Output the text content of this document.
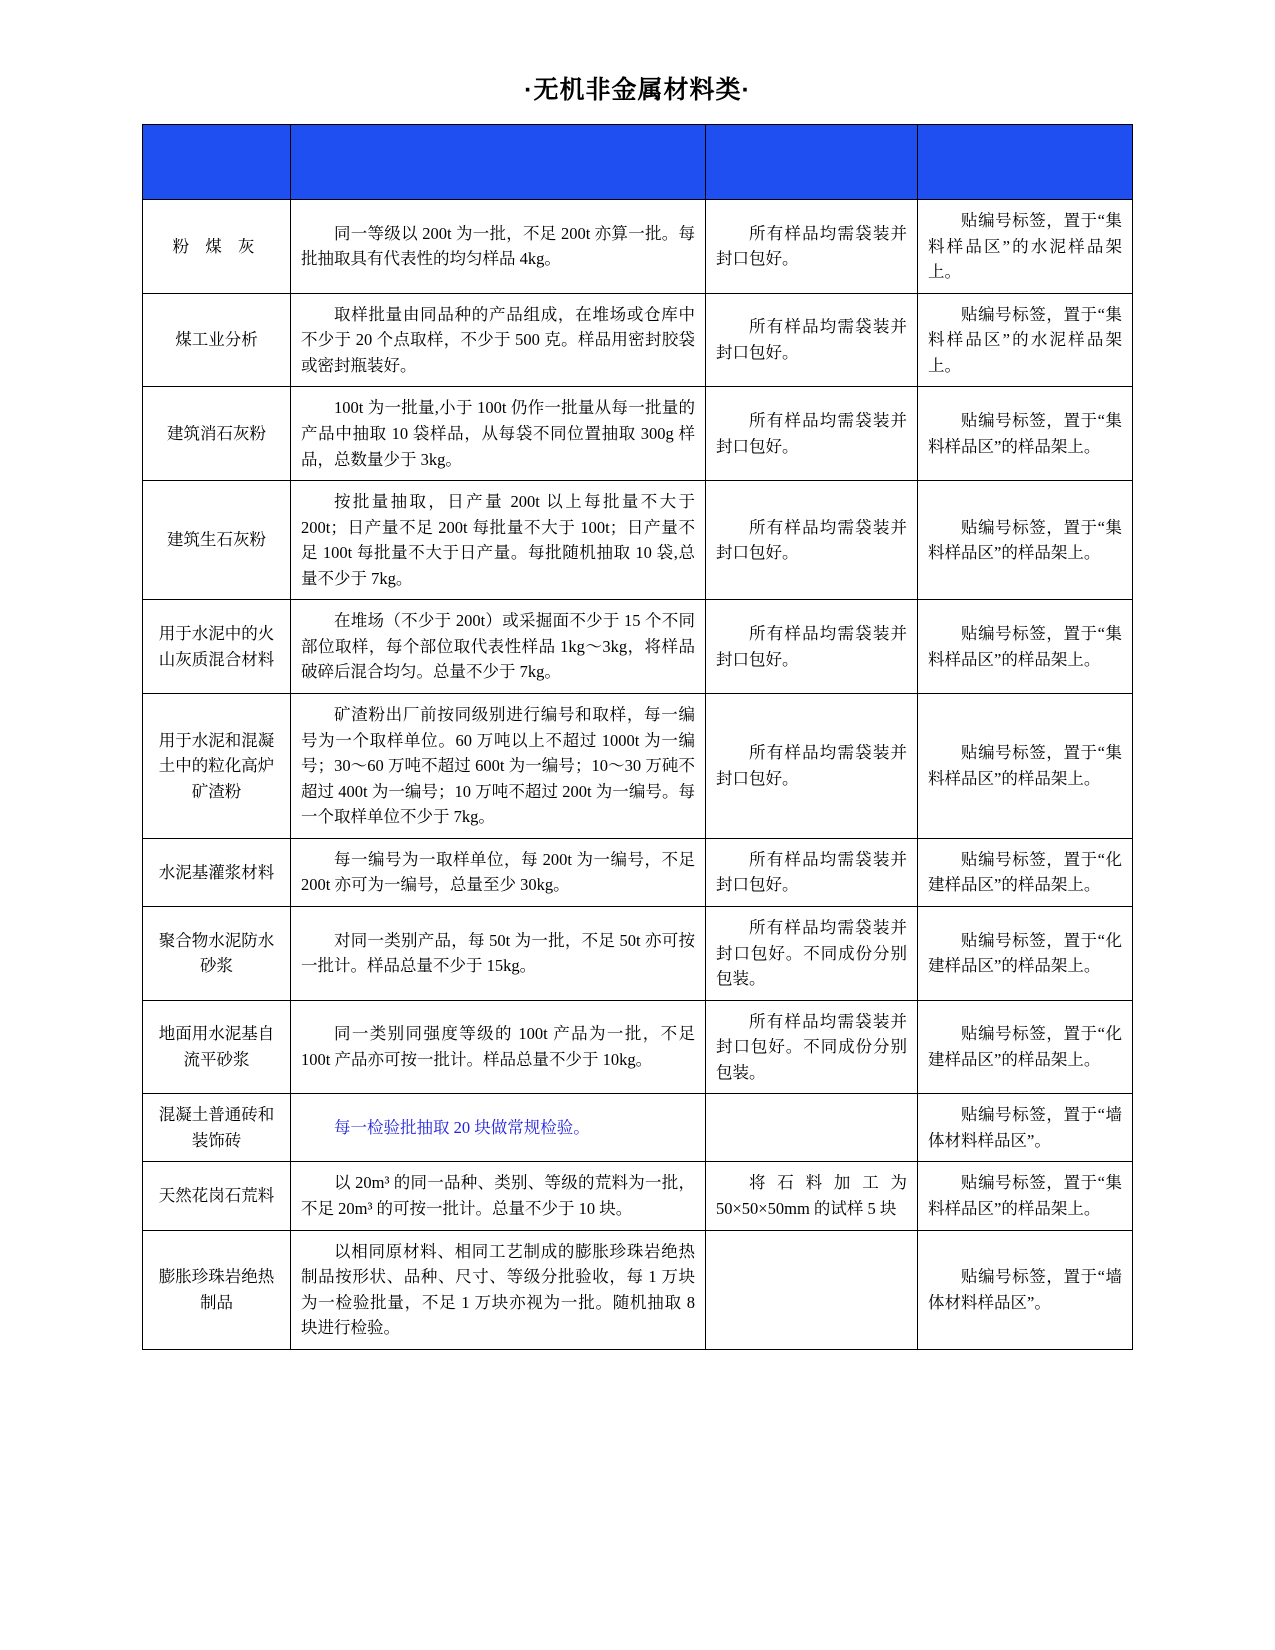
·无机非金属材料类·

粉 煤 灰	同一等级以 200t 为一批，不足 200t 亦算一批。每批抽取具有代表性的均匀样品 4kg。	所有样品均需袋装并封口包好。	贴编号标签，置于“集料样品区”的水泥样品架上。
煤工业分析	取样批量由同品种的产品组成，在堆场或仓库中不少于 20 个点取样，不少于 500 克。样品用密封胶袋或密封瓶装好。	所有样品均需袋装并封口包好。	贴编号标签，置于“集料样品区”的水泥样品架上。
建筑消石灰粉	100t 为一批量,小于 100t 仍作一批量从每一批量的产品中抽取 10 袋样品，从每袋不同位置抽取 300g 样品，总数量少于 3kg。	所有样品均需袋装并封口包好。	贴编号标签，置于“集料样品区”的样品架上。
建筑生石灰粉	按批量抽取，日产量 200t 以上每批量不大于 200t；日产量不足 200t 每批量不大于 100t；日产量不足 100t 每批量不大于日产量。每批随机抽取 10 袋,总量不少于 7kg。	所有样品均需袋装并封口包好。	贴编号标签，置于“集料样品区”的样品架上。
用于水泥中的火山灰质混合材料	在堆场（不少于 200t）或采掘面不少于 15 个不同部位取样，每个部位取代表性样品 1kg～3kg，将样品破碎后混合均匀。总量不少于 7kg。	所有样品均需袋装并封口包好。	贴编号标签，置于“集料样品区”的样品架上。
用于水泥和混凝土中的粒化高炉矿渣粉	矿渣粉出厂前按同级别进行编号和取样，每一编号为一个取样单位。60 万吨以上不超过 1000t 为一编号；30～60 万吨不超过 600t 为一编号；10～30 万砘不超过 400t 为一编号；10 万吨不超过 200t 为一编号。每一个取样单位不少于 7kg。	所有样品均需袋装并封口包好。	贴编号标签，置于“集料样品区”的样品架上。
水泥基灌浆材料	每一编号为一取样单位，每 200t 为一编号，不足 200t 亦可为一编号，总量至少 30kg。	所有样品均需袋装并封口包好。	贴编号标签，置于“化建样品区”的样品架上。
聚合物水泥防水砂浆	对同一类别产品，每 50t 为一批，不足 50t 亦可按一批计。样品总量不少于 15kg。	所有样品均需袋装并封口包好。不同成份分别包装。	贴编号标签，置于“化建样品区”的样品架上。
地面用水泥基自流平砂浆	同一类别同强度等级的 100t 产品为一批，不足 100t 产品亦可按一批计。样品总量不少于 10kg。	所有样品均需袋装并封口包好。不同成份分别包装。	贴编号标签，置于“化建样品区”的样品架上。
混凝土普通砖和装饰砖	每一检验批抽取 20 块做常规检验。		贴编号标签，置于“墙体材料样品区”。
天然花岗石荒料	以 20m³ 的同一品种、类别、等级的荒料为一批，不足 20m³ 的可按一批计。总量不少于 10 块。	将石料加工为 50×50×50mm 的试样 5 块	贴编号标签，置于“集料样品区”的样品架上。
膨胀珍珠岩绝热制品	以相同原材料、相同工艺制成的膨胀珍珠岩绝热制品按形状、品种、尺寸、等级分批验收，每 1 万块为一检验批量，不足 1 万块亦视为一批。随机抽取 8 块进行检验。		贴编号标签，置于“墙体材料样品区”。
